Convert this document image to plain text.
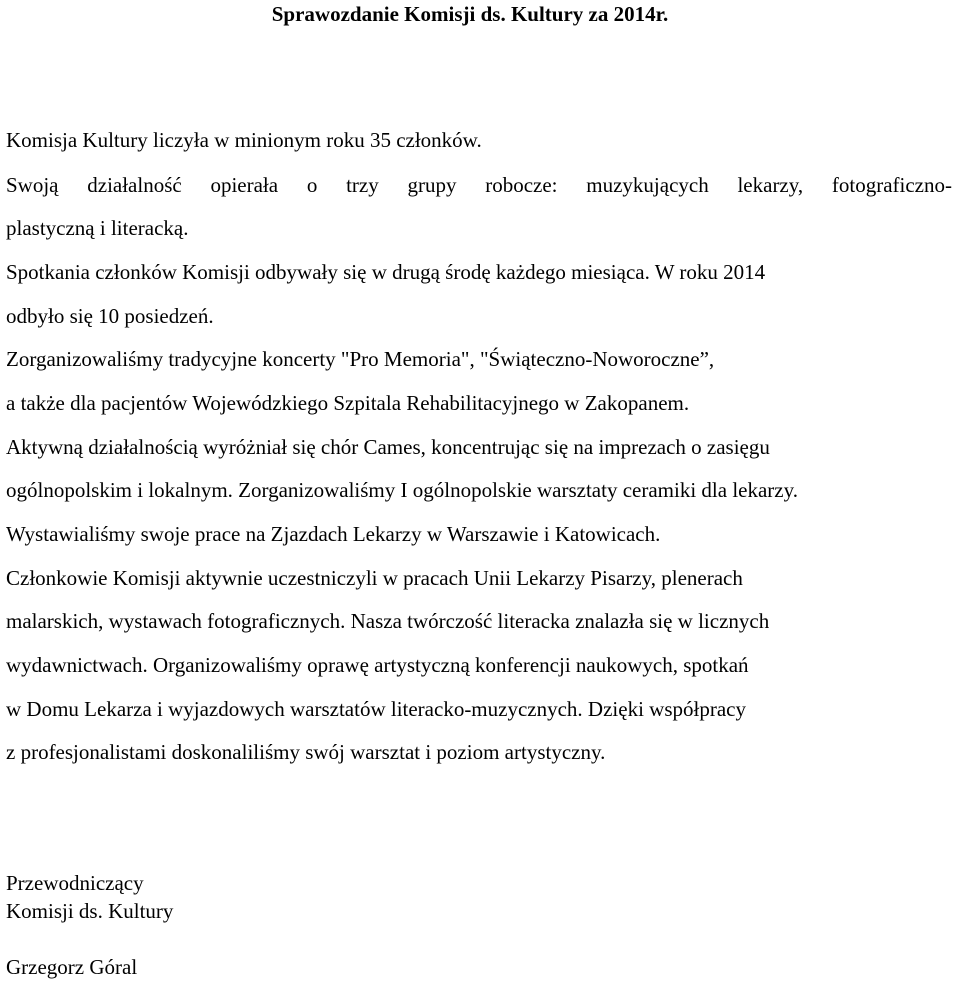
Sprawozdanie Komisji ds. Kultury za 2014r.
Komisja Kultury liczyła w minionym roku 35 członków.
Swoją działalność opierała o trzy grupy robocze: muzykujących lekarzy, fotograficzno-
plastyczną i literacką.
Spotkania członków Komisji odbywały się w drugą środę każdego miesiąca. W roku 2014
odbyło się 10 posiedzeń.
Zorganizowaliśmy tradycyjne koncerty "Pro Memoria", "Świąteczno-Noworoczne”,
a także dla pacjentów Wojewódzkiego Szpitala Rehabilitacyjnego w Zakopanem.
Aktywną działalnością wyróżniał się chór Cames, koncentrując się na imprezach o zasięgu
ogólnopolskim i lokalnym. Zorganizowaliśmy I ogólnopolskie warsztaty ceramiki dla lekarzy.
Wystawialiśmy swoje prace na Zjazdach Lekarzy w Warszawie i Katowicach.
Członkowie Komisji aktywnie uczestniczyli w pracach Unii Lekarzy Pisarzy, plenerach
malarskich, wystawach fotograficznych. Nasza twórczość literacka znalazła się w licznych
wydawnictwach. Organizowaliśmy oprawę artystyczną konferencji naukowych, spotkań
w Domu Lekarza i wyjazdowych warsztatów literacko-muzycznych. Dzięki współpracy
z profesjonalistami doskonaliliśmy swój warsztat i poziom artystyczny.
Przewodniczący
Komisji ds. Kultury
Grzegorz Góral
